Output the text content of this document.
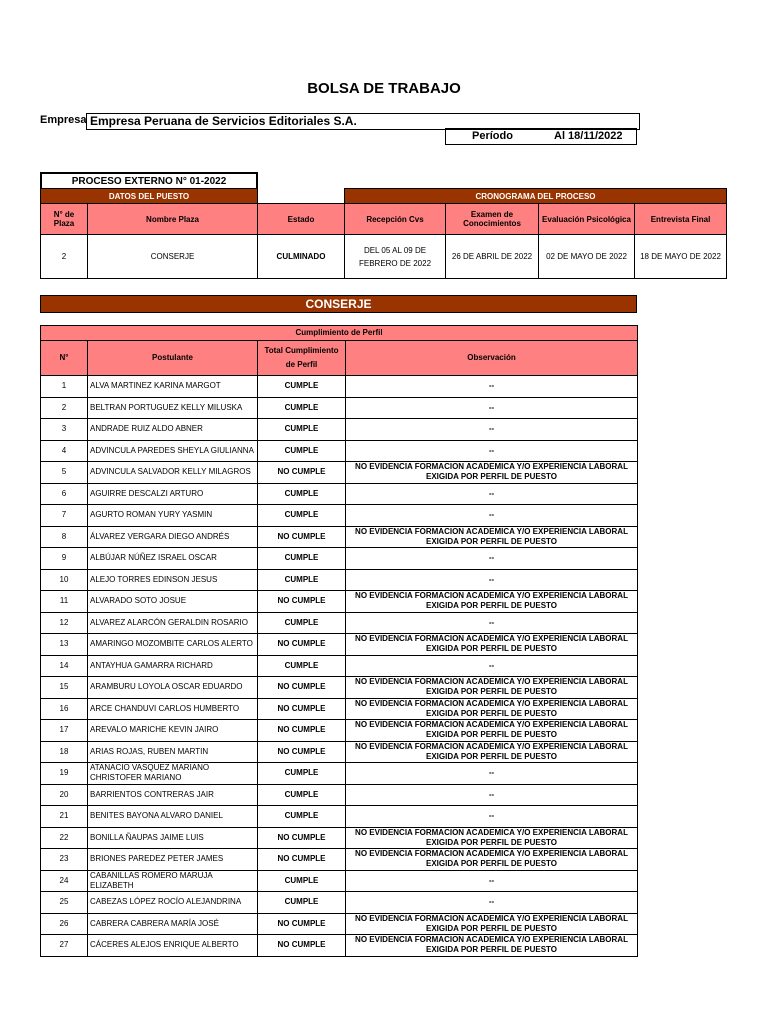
BOLSA DE TRABAJO
Empresa Empresa Peruana de Servicios Editoriales S.A.
Período	Al 18/11/2022
PROCESO EXTERNO N° 01-2022
DATOS DEL PUESTO			CRONOGRAMA DEL PROCESO			
N° de Plaza	Nombre Plaza	Estado	Recepción Cvs	Examen de Conocimientos	Evaluación Psicológica	Entrevista Final
2	CONSERJE	CULMINADO	DEL 05 AL 09 DE FEBRERO DE 2022	26 DE ABRIL DE 2022	02 DE MAYO DE 2022	18 DE MAYO DE 2022
CONSERJE
Cumplimiento de Perfil			
N°	Postulante	Total Cumplimiento de Perfil	Observación
1	ALVA MARTINEZ KARINA MARGOT	CUMPLE	--
2	BELTRAN PORTUGUEZ KELLY MILUSKA	CUMPLE	--
3	ANDRADE RUIZ ALDO ABNER	CUMPLE	--
4	ADVINCULA PAREDES SHEYLA GIULIANNA	CUMPLE	--
5	ADVINCULA SALVADOR KELLY MILAGROS	NO CUMPLE	NO EVIDENCIA FORMACION ACADEMICA Y/O EXPERIENCIA LABORAL EXIGIDA POR PERFIL DE PUESTO
6	AGUIRRE DESCALZI ARTURO	CUMPLE	--
7	AGURTO ROMAN YURY YASMIN	CUMPLE	--
8	ÁLVAREZ VERGARA DIEGO ANDRÉS	NO CUMPLE	NO EVIDENCIA FORMACION ACADEMICA Y/O EXPERIENCIA LABORAL EXIGIDA POR PERFIL DE PUESTO
9	ALBÚJAR NÚÑEZ ISRAEL OSCAR	CUMPLE	--
10	ALEJO TORRES EDINSON JESUS	CUMPLE	--
11	ALVARADO SOTO JOSUE	NO CUMPLE	NO EVIDENCIA FORMACION ACADEMICA Y/O EXPERIENCIA LABORAL EXIGIDA POR PERFIL DE PUESTO
12	ALVAREZ ALARCÓN GERALDIN ROSARIO	CUMPLE	--
13	AMARINGO MOZOMBITE CARLOS ALERTO	NO CUMPLE	NO EVIDENCIA FORMACION ACADEMICA Y/O EXPERIENCIA LABORAL EXIGIDA POR PERFIL DE PUESTO
14	ANTAYHUA GAMARRA RICHARD	CUMPLE	--
15	ARAMBURU LOYOLA OSCAR EDUARDO	NO CUMPLE	NO EVIDENCIA FORMACION ACADEMICA Y/O EXPERIENCIA LABORAL EXIGIDA POR PERFIL DE PUESTO
16	ARCE CHANDUVI CARLOS HUMBERTO	NO CUMPLE	NO EVIDENCIA FORMACION ACADEMICA Y/O EXPERIENCIA LABORAL EXIGIDA POR PERFIL DE PUESTO
17	AREVALO MARICHE KEVIN JAIRO	NO CUMPLE	NO EVIDENCIA FORMACION ACADEMICA Y/O EXPERIENCIA LABORAL EXIGIDA POR PERFIL DE PUESTO
18	ARIAS ROJAS, RUBEN MARTIN	NO CUMPLE	NO EVIDENCIA FORMACION ACADEMICA Y/O EXPERIENCIA LABORAL EXIGIDA POR PERFIL DE PUESTO
19	ATANACIO VASQUEZ MARIANO CHRISTOFER MARIANO	CUMPLE	--
20	BARRIENTOS CONTRERAS JAIR	CUMPLE	--
21	BENITES BAYONA ALVARO DANIEL	CUMPLE	--
22	BONILLA ÑAUPAS JAIME LUIS	NO CUMPLE	NO EVIDENCIA FORMACION ACADEMICA Y/O EXPERIENCIA LABORAL EXIGIDA POR PERFIL DE PUESTO
23	BRIONES PAREDEZ PETER JAMES	NO CUMPLE	NO EVIDENCIA FORMACION ACADEMICA Y/O EXPERIENCIA LABORAL EXIGIDA POR PERFIL DE PUESTO
24	CABANILLAS ROMERO MARUJA ELIZABETH	CUMPLE	--
25	CABEZAS LÓPEZ ROCÍO ALEJANDRINA	CUMPLE	--
26	CABRERA CABRERA MARÍA JOSÉ	NO CUMPLE	NO EVIDENCIA FORMACION ACADEMICA Y/O EXPERIENCIA LABORAL EXIGIDA POR PERFIL DE PUESTO
27	CÁCERES ALEJOS ENRIQUE ALBERTO	NO CUMPLE	NO EVIDENCIA FORMACION ACADEMICA Y/O EXPERIENCIA LABORAL EXIGIDA POR PERFIL DE PUESTO
